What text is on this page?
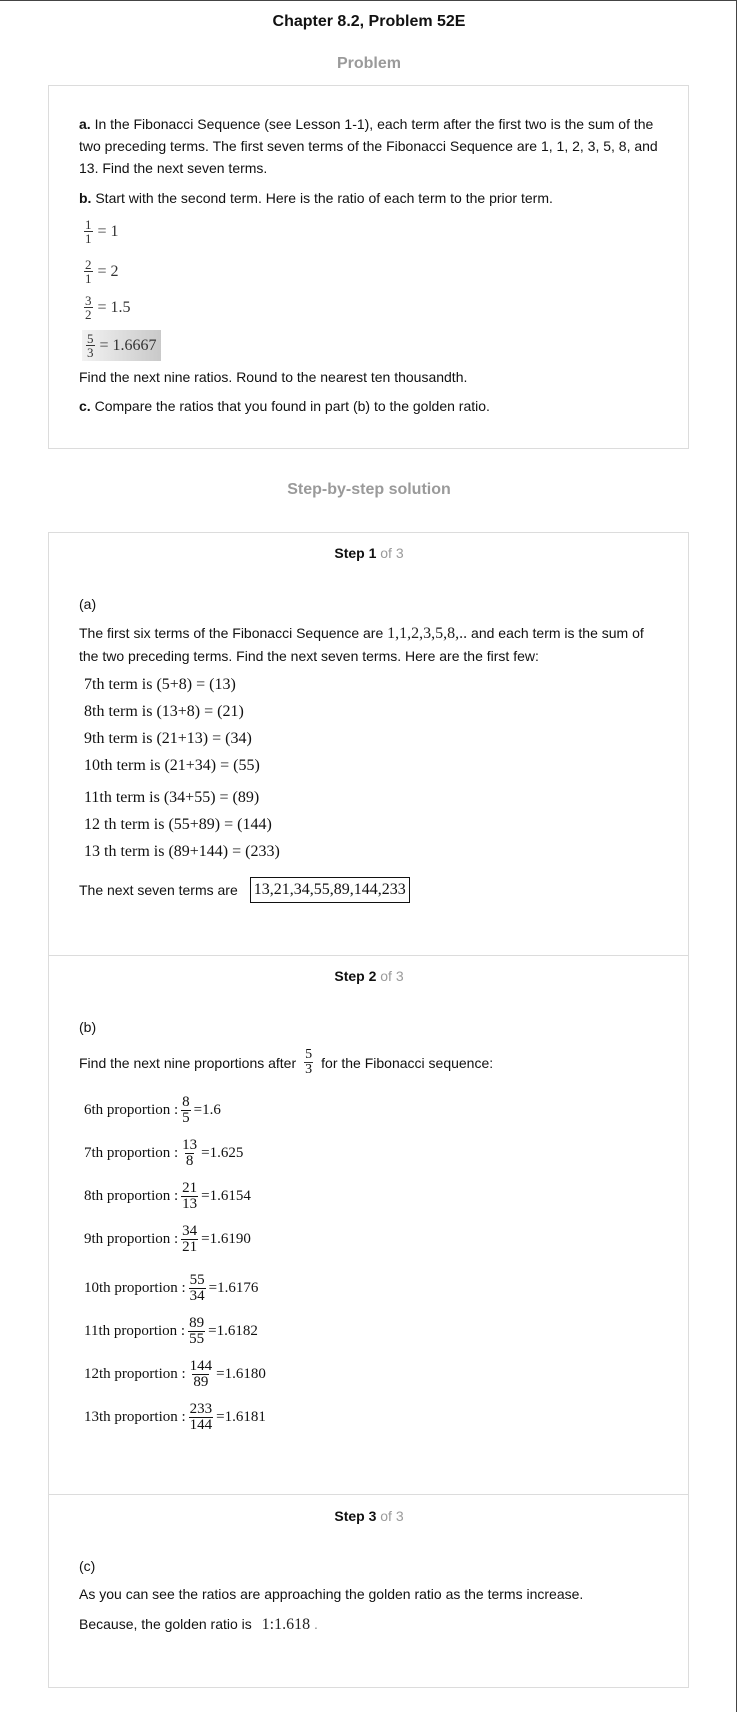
Chapter 8.2, Problem 52E
Problem
a. In the Fibonacci Sequence (see Lesson 1-1), each term after the first two is the sum of the two preceding terms. The first seven terms of the Fibonacci Sequence are 1, 1, 2, 3, 5, 8, and 13. Find the next seven terms.
b. Start with the second term. Here is the ratio of each term to the prior term.
$\frac{1}{1} = 1$
$\frac{2}{1} = 2$
$\frac{3}{2} = 1.5$
$\frac{5}{3} = 1.6667$
Find the next nine ratios. Round to the nearest ten thousandth.
c. Compare the ratios that you found in part (b) to the golden ratio.
Step-by-step solution
Step 1 of 3
(a)
The first six terms of the Fibonacci Sequence are 1,1,2,3,5,8,.. and each term is the sum of the two preceding terms. Find the next seven terms. Here are the first few:
7th term is (5+8) = (13)
8th term is (13+8) = (21)
9th term is (21+13) = (34)
10th term is (21+34) = (55)
11th term is (34+55) = (89)
12 th term is (55+89) = (144)
13 th term is (89+144) = (233)
The next seven terms are 13,21,34,55,89,144,233
Step 2 of 3
(b)
Find the next nine proportions after $\frac{5}{3}$ for the Fibonacci sequence:
6th proportion : $\frac{8}{5} =1.6$
7th proportion : $\frac{13}{8} =1.625$
8th proportion : $\frac{21}{13} =1.6154$
9th proportion : $\frac{34}{21} =1.6190$
10th proportion : $\frac{55}{34} =1.6176$
11th proportion : $\frac{89}{55} =1.6182$
12th proportion : $\frac{144}{89} =1.6180$
13th proportion : $\frac{233}{144} =1.6181$
Step 3 of 3
(c)
As you can see the ratios are approaching the golden ratio as the terms increase.
Because, the golden ratio is 1:1.618 .
